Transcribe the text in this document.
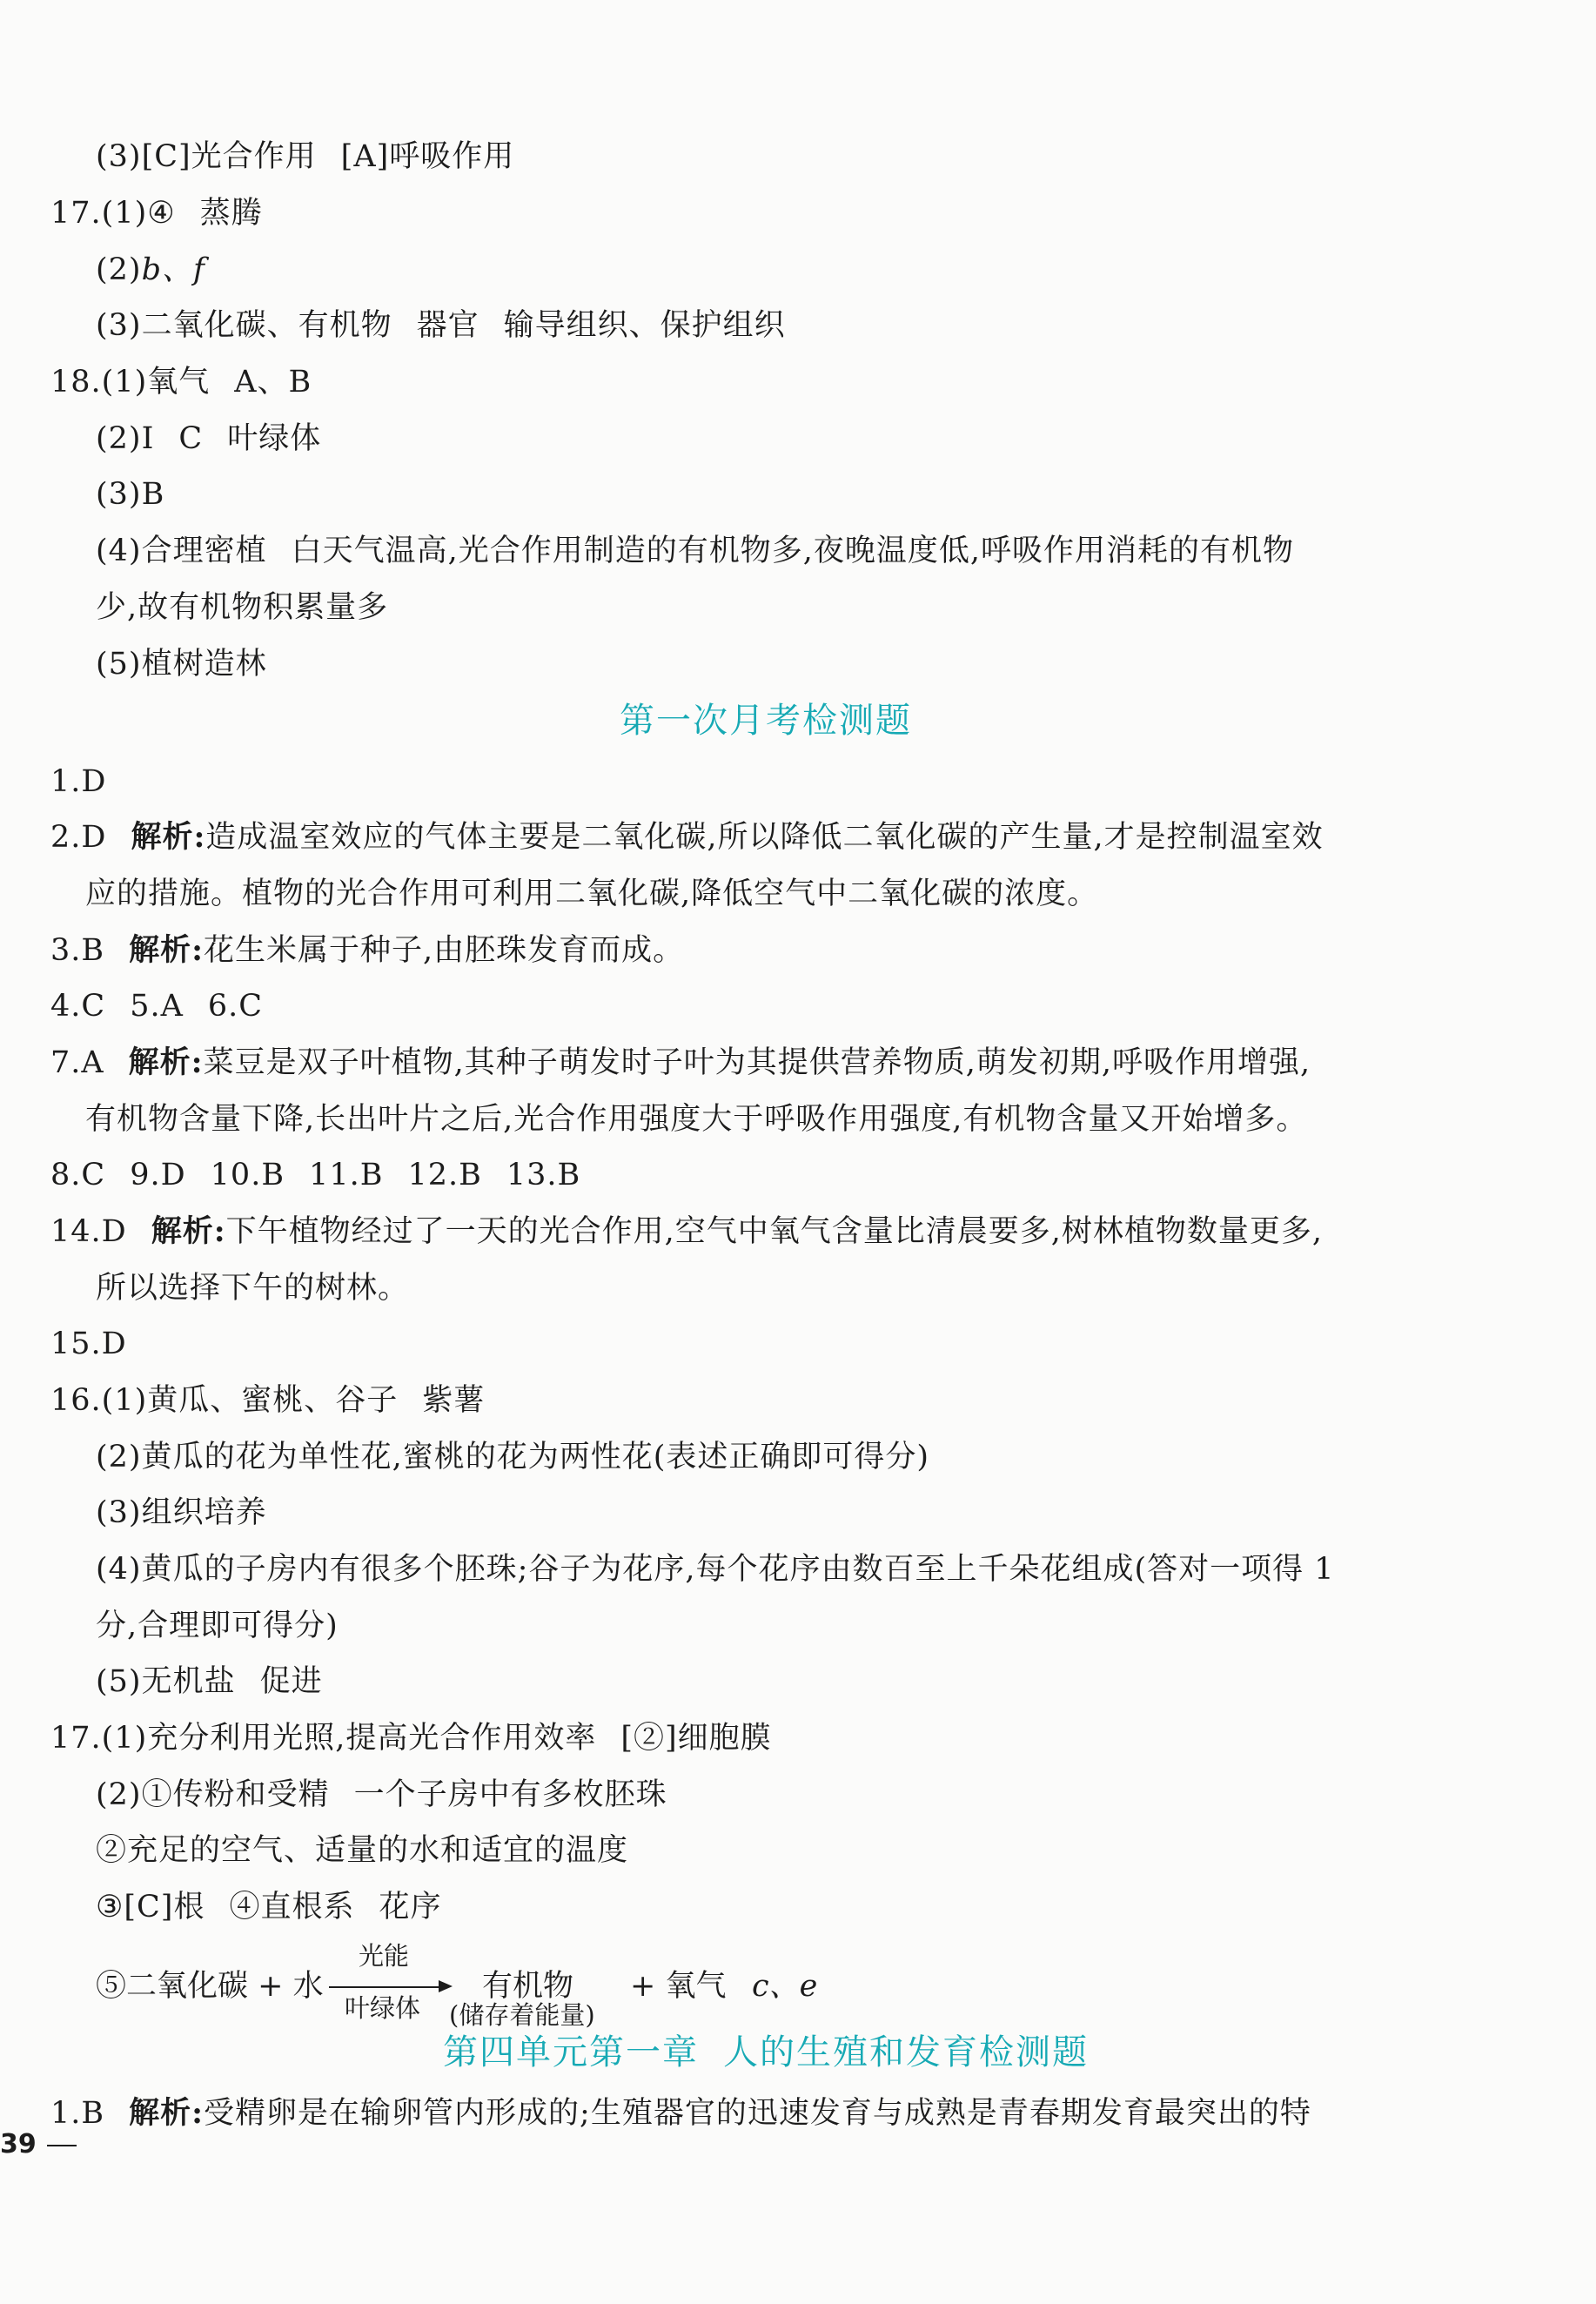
(3)[C]光合作用 [A]呼吸作用
17.(1)④ 蒸腾
(2)b、f
(3)二氧化碳、有机物 器官 输导组织、保护组织
18.(1)氧气 A、B
(2)I C 叶绿体
(3)B
(4)合理密植 白天气温高,光合作用制造的有机物多,夜晚温度低,呼吸作用消耗的有机物
少,故有机物积累量多
(5)植树造林
第一次月考检测题
1.D
2.D 解析:造成温室效应的气体主要是二氧化碳,所以降低二氧化碳的产生量,才是控制温室效
应的措施。植物的光合作用可利用二氧化碳,降低空气中二氧化碳的浓度。
3.B 解析:花生米属于种子,由胚珠发育而成。
4.C 5.A 6.C
7.A 解析:菜豆是双子叶植物,其种子萌发时子叶为其提供营养物质,萌发初期,呼吸作用增强,
有机物含量下降,长出叶片之后,光合作用强度大于呼吸作用强度,有机物含量又开始增多。
8.C 9.D 10.B 11.B 12.B 13.B
14.D 解析:下午植物经过了一天的光合作用,空气中氧气含量比清晨要多,树林植物数量更多,
所以选择下午的树林。
15.D
16.(1)黄瓜、蜜桃、谷子 紫薯
(2)黄瓜的花为单性花,蜜桃的花为两性花(表述正确即可得分)
(3)组织培养
(4)黄瓜的子房内有很多个胚珠;谷子为花序,每个花序由数百至上千朵花组成(答对一项得 1
分,合理即可得分)
(5)无机盐 促进
17.(1)充分利用光照,提高光合作用效率 [②]细胞膜
(2)①传粉和受精 一个子房中有多枚胚珠
②充足的空气、适量的水和适宜的温度
③[C]根 ④直根系 花序
⑤二氧化碳 + 水
光能
叶绿体
有机物
(储存着能量)
+ 氧气 c、e
第四单元第一章 人的生殖和发育检测题
1.B 解析:受精卵是在输卵管内形成的;生殖器官的迅速发育与成熟是青春期发育最突出的特
39
